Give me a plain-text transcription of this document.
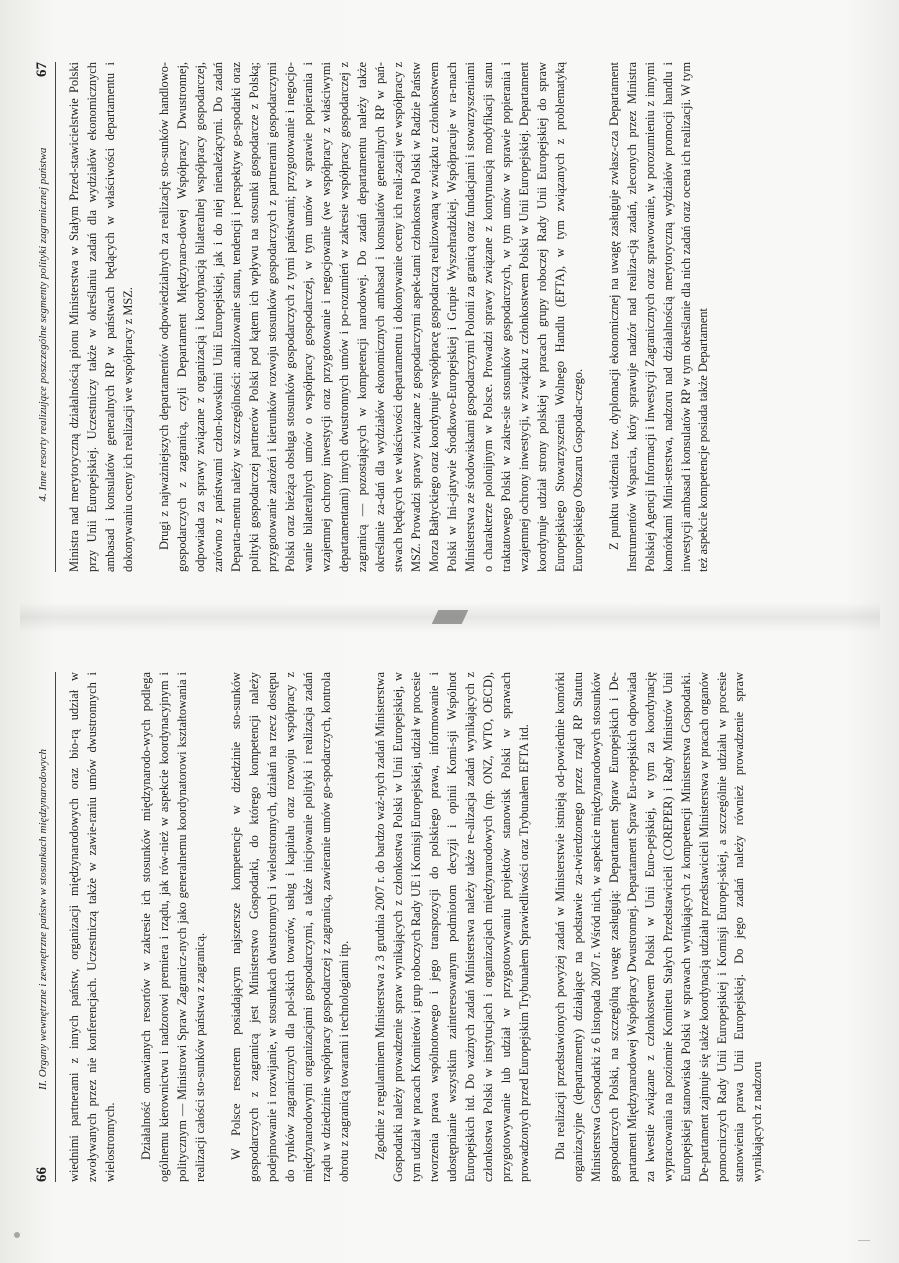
66
II. Organy wewnętrzne i zewnętrzne państw w stosunkach międzynarodowych wiednimi partnerami z innych państw, organizacji międzynarodowych oraz bio-rą udział w zwoływanych przez nie konferencjach. Uczestniczą także w zawie-raniu umów dwustronnych i wielostronnych. Działalność omawianych resortów w zakresie ich stosunków międzynarodo-wych podlega ogólnemu kierownictwu i nadzorowi premiera i rządu, jak rów-nież w aspekcie koordynacyjnym i politycznym — Ministrowi Spraw Zagranicz-nych jako generalnemu koordynatorowi kształtowania i realizacji całości sto-sunków państwa z zagranicą. W Polsce resortem posiadającym najszersze kompetencje w dziedzinie sto-sunków gospodarczych z zagranicą jest Ministerstwo Gospodarki, do którego kompetencji należy podejmowanie i rozwijanie, w stosunkach dwustronnych i wielostronnych, działań na rzecz dostępu do rynków zagranicznych dla pol-skich towarów, usług i kapitału oraz rozwoju współpracy z międzynarodowymi organizacjami gospodarczymi, a także inicjowanie polityki i realizacja zadań rządu w dziedzinie współpracy gospodarczej z zagranicą, zawieranie umów go-spodarczych, kontrola obrotu z zagranicą towarami i technologiami itp. Zgodnie z regulaminem Ministerstwa z 3 grudnia 2007 r. do bardzo waż-nych zadań Ministerstwa Gospodarki należy prowadzenie spraw wynikających z członkostwa Polski w Unii Europejskiej, w tym udział w pracach Komitetów i grup roboczych Rady UE i Komisji Europejskiej, udział w procesie tworzenia prawa wspólnotowego i jego transpozycji do polskiego prawa, informowanie i udostępnianie wszystkim zainteresowanym podmiotom decyzji i opinii Komi-sji Wspólnot Europejskich itd. Do ważnych zadań Ministerstwa należy także re-alizacja zadań wynikających z członkostwa Polski w instytucjach i organizacjach międzynarodowych (np. ONZ, WTO, OECD), przygotowywanie lub udział w przygotowywaniu projektów stanowisk Polski w sprawach prowadzonych przed Europejskim Trybunałem Sprawiedliwości oraz Trybunałem EFTA itd. Dla realizacji przedstawionych powyżej zadań w Ministerstwie istnieją od-powiednie komórki organizacyjne (departamenty) działające na podstawie za-twierdzonego przez rząd RP Statutu Ministerstwa Gospodarki z 6 listopada 2007 r. Wśród nich, w aspekcie międzynarodowych stosunków gospodarczych Polski, na szczególną uwagę zasługują: Departament Spraw Europejskich i De-partament Międzynarodowej Współpracy Dwustronnej. Departament Spraw Eu-ropejskich odpowiada za kwestie związane z członkostwem Polski w Unii Euro-pejskiej, w tym za koordynację wypracowania na poziomie Komitetu Stałych Przedstawicieli (COREPER) i Rady Ministrów Unii Europejskiej stanowiska Polski w sprawach wynikających z kompetencji Ministerstwa Gospodarki. De-partament zajmuje się także koordynacją udziału przedstawicieli Ministerstwa w pracach organów pomocniczych Rady Unii Europejskiej i Komisji Europej-skiej, a szczególnie udziału w procesie stanowienia prawa Unii Europejskiej. Do jego zadań należy również prowadzenie spraw wynikających z nadzoru

4. Inne resorty realizujące poszczególne segmenty polityki zagranicznej państwa
67 Ministra nad merytoryczną działalnością pionu Ministerstwa w Stałym Przed-stawicielstwie Polski przy Unii Europejskiej. Uczestniczy także w określaniu zadań dla wydziałów ekonomicznych ambasad i konsulatów generalnych RP w państwach będących w właściwości departamentu i dokonywaniu oceny ich realizacji we współpracy z MSZ. Drugi z najważniejszych departamentów odpowiedzialnych za realizację sto-sunków handlowo-gospodarczych z zagranicą, czyli Departament Międzynaro-dowej Współpracy Dwustronnej, odpowiada za sprawy związane z organizacją i koordynacją bilateralnej współpracy gospodarczej, zarówno z państwami człon-kowskimi Unii Europejskiej, jak i do niej nienależącymi. Do zadań Departa-mentu należy w szczególności: analizowanie stanu, tendencji i perspektyw go-spodarki oraz polityki gospodarczej partnerów Polski pod kątem ich wpływu na stosunki gospodarcze z Polską; przygotowanie założeń i kierunków rozwoju stosunków gospodarczych z partnerami gospodarczymi Polski oraz bieżąca obsługa stosunków gospodarczych z tymi państwami; przygotowanie i negocjo-wanie bilateralnych umów o współpracy gospodarczej, w tym umów w sprawie popierania i wzajemnej ochrony inwestycji oraz przygotowanie i negocjowanie (we współpracy z właściwymi departamentami) innych dwustronnych umów i po-rozumień w zakresie współpracy gospodarczej z zagranicą — pozostających w kompetencji narodowej. Do zadań departamentu należy także określanie za-dań dla wydziałów ekonomicznych ambasad i konsulatów generalnych RP w pań-stwach będących we właściwości departamentu i dokonywanie oceny ich reali-zacji we współpracy z MSZ. Prowadzi sprawy związane z gospodarczymi aspek-tami członkostwa Polski w Radzie Państw Morza Bałtyckiego oraz koordynuje współpracę gospodarczą realizowaną w związku z członkostwem Polski w Ini-cjatywie Środkowo-Europejskiej i Grupie Wyszehradzkiej. Współpracuje w ra-mach Ministerstwa ze środowiskami gospodarczymi Polonii za granicą oraz fundacjami i stowarzyszeniami o charakterze polonijnym w Polsce. Prowadzi sprawy związane z kontynuacją modyfikacji stanu traktatowego Polski w zakre-sie stosunków gospodarczych, w tym umów w sprawie popierania i wzajemnej ochrony inwestycji, w związku z członkostwem Polski w Unii Europejskiej. Departament koordynuje udział strony polskiej w pracach grupy roboczej Rady Unii Europejskiej do spraw Europejskiego Stowarzyszenia Wolnego Handlu (EFTA), w tym związanych z problematyką Europejskiego Obszaru Gospodar-czego. Z punktu widzenia tzw. dyplomacji ekonomicznej na uwagę zasługuje zwłasz-cza Departament Instrumentów Wsparcia, który sprawuje nadzór nad realiza-cją zadań, zleconych przez Ministra Polskiej Agencji Informacji i Inwestycji Zagranicznych oraz sprawowanie, w porozumieniu z innymi komórkami Mini-sterstwa, nadzoru nad działalnością merytoryczną wydziałów promocji handlu i inwestycji ambasad i konsulatów RP w tym określanie dla nich zadań oraz ocena ich realizacji. W tym też aspekcie kompetencje posiada także Departament
